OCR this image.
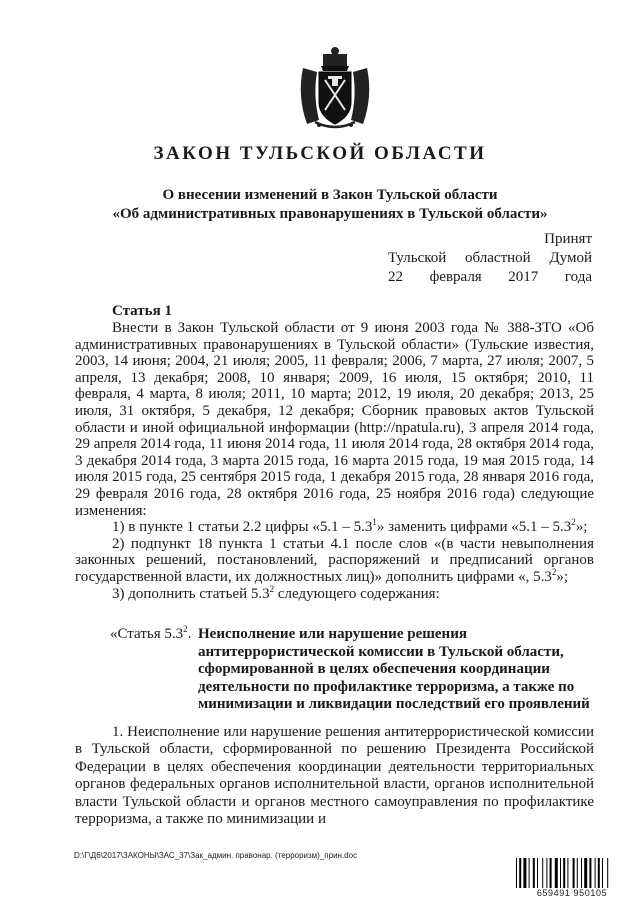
ЗАКОН ТУЛЬСКОЙ ОБЛАСТИ
О внесении изменений в Закон Тульской области
«Об административных правонарушениях в Тульской области»
Принят
Тульской областной Думой
22 февраля 2017 года
Статья 1

Внести в Закон Тульской области от 9 июня 2003 года № 388-ЗТО «Об административных правонарушениях в Тульской области» (Тульские известия, 2003, 14 июня; 2004, 21 июля; 2005, 11 февраля; 2006, 7 марта, 27 июля; 2007, 5 апреля, 13 декабря; 2008, 10 января; 2009, 16 июля, 15 октября; 2010, 11 февраля, 4 марта, 8 июля; 2011, 10 марта; 2012, 19 июля, 20 декабря; 2013, 25 июля, 31 октября, 5 декабря, 12 декабря; Сборник правовых актов Тульской области и иной официальной информации (http://npatula.ru), 3 апреля 2014 года, 29 апреля 2014 года, 11 июня 2014 года, 11 июля 2014 года, 28 октября 2014 года, 3 декабря 2014 года, 3 марта 2015 года, 16 марта 2015 года, 19 мая 2015 года, 14 июля 2015 года, 25 сентября 2015 года, 1 декабря 2015 года, 28 января 2016 года, 29 февраля 2016 года, 28 октября 2016 года, 25 ноября 2016 года) следующие изменения:

1) в пункте 1 статьи 2.2 цифры «$5.1 - 5.3^1$» заменить цифрами «$5.1 - 5.3^2$»;

2) подпункт 18 пункта 1 статьи 4.1 после слов «(в части невыполнения законных решений, постановлений, распоряжений и предписаний органов государственной власти, их должностных лиц)» дополнить цифрами «, $5.3^2$»;

3) дополнить статьей $5.3^2$ следующего содержания:

«Статья $5.3^2$. Неисполнение или нарушение решения антитеррористической комиссии в Тульской области, сформированной в целях обеспечения координации деятельности по профилактике терроризма, а также по минимизации и ликвидации последствий его проявлений

1. Неисполнение или нарушение решения антитеррористической комиссии в Тульской области, сформированной по решению Президента Российской Федерации в целях обеспечения координации деятельности территориальных органов федеральных органов исполнительной власти, органов исполнительной власти Тульской области и органов местного самоуправления по профилактике терроризма, а также по минимизации и

D:\Г\Д6\2017\ЗАКОНЫ\ЗАС_37\Зак_админ. правонар. (терроризм)_прин.doc
659491 950105
